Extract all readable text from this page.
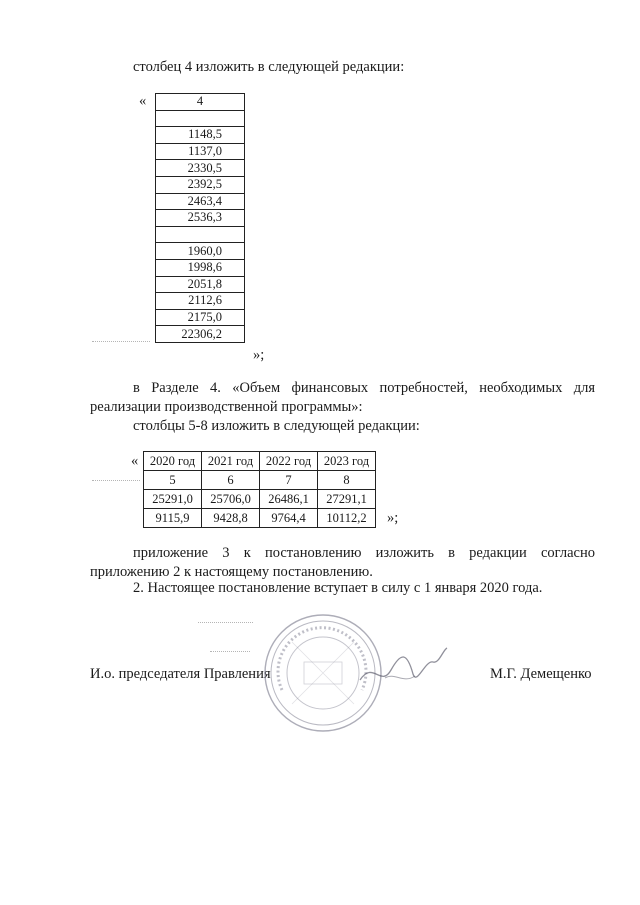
столбец 4 изложить в следующей редакции:
«	4

1148,5
1137,0
2330,5
2392,5
2463,4
2536,3

1960,0
1998,6
2051,8
2112,6
2175,0
22306,2
»;
в Разделе 4. «Объем финансовых потребностей, необходимых для
реализации производственной программы»:
столбцы 5-8 изложить в следующей редакции:
« 2020 год	2021 год	2022 год	2023 год
5	6	7	8
25291,0	25706,0	26486,1	27291,1
9115,9	9428,8	9764,4	10112,2 »;
приложение 3 к постановлению изложить в редакции согласно
приложению 2 к настоящему постановлению.
2. Настоящее постановление вступает в силу с 1 января 2020 года.
И.о. председателя Правления	М.Г. Демещенко
